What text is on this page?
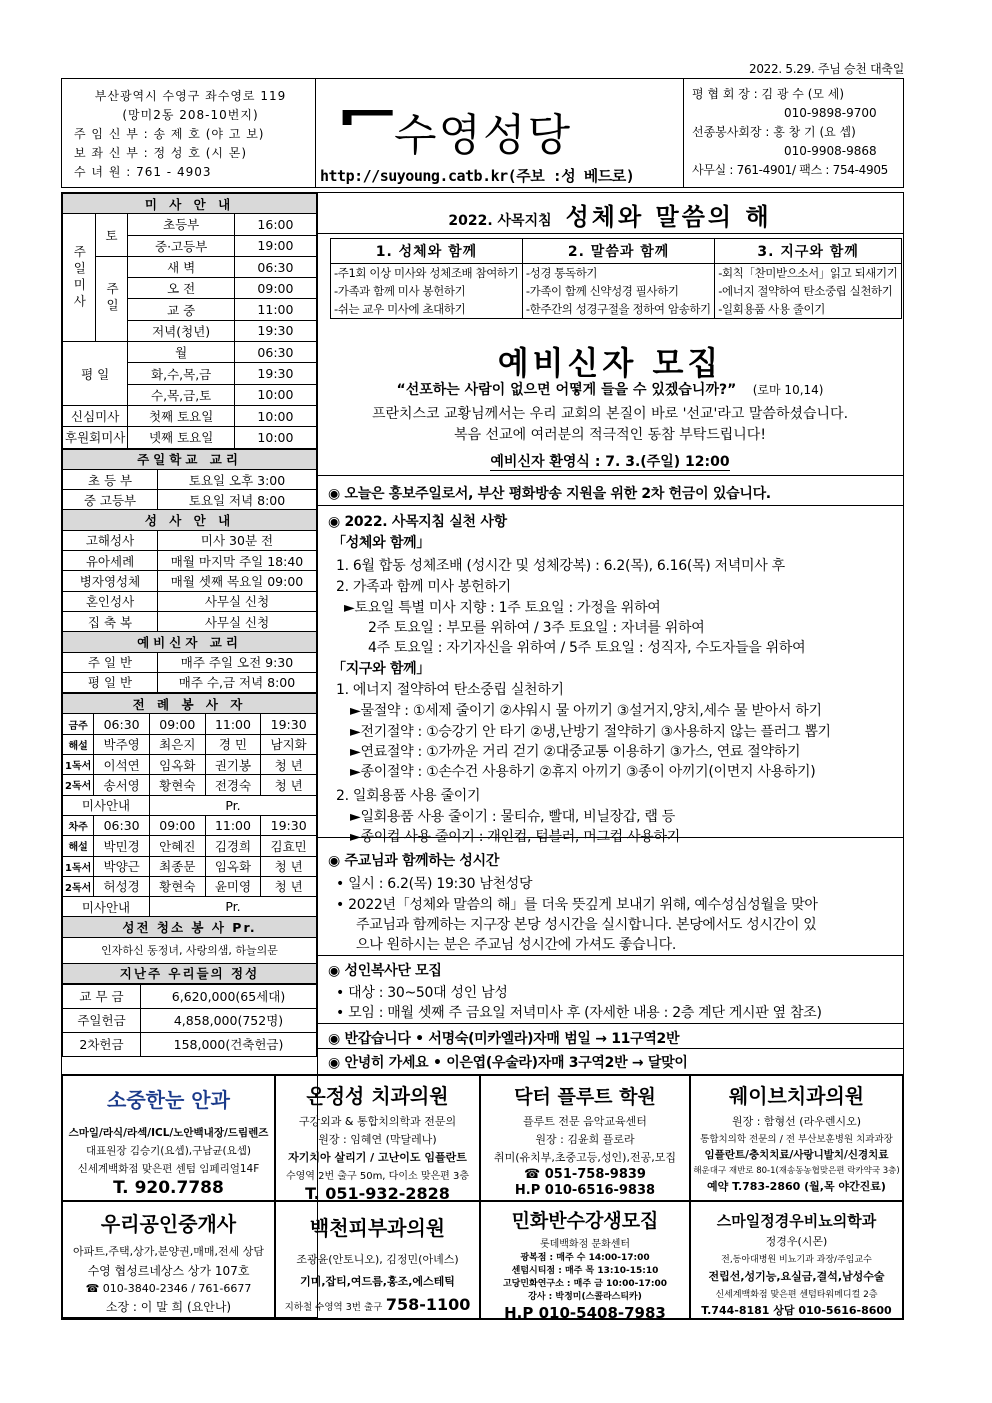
2022. 5.29. 주님 승천 대축일
부산광역시 수영구 좌수영로 119
(망미2동 208-10번지)
주 임 신 부 : 송 제 호 (야 고 보)
보 좌 신 부 : 정 성 호 (시 몬)
수 녀 원 : 761 - 4903
⌐
수영성당
http://suyoung.catb.kr(주보 :성 베드로)
평 협 회 장 : 김 광 수 (모 세)
010-9898-9700
선종봉사회장 : 홍 창 기 (요 셉)
010-9908-9868
사무실 : 761-4901/ 팩스 : 754-4905
미 사 안 내
주일미사	토	
초등부	16:00

중·고등부	19:00

주일	
새 벽	06:30

오 전	09:00

교 중	11:00

저녁(청년)	19:30

평 일	
월	06:30

화,수,목,금	19:30

수,목,금,토	10:00

신심미사	첫째 토요일	10:00

후원회미사	넷째 토요일	10:00
주일학교 교리	
초 등 부	토요일 오후 3:00
중 고등부	토요일 저녁 8:00
성 사 안 내	
고해성사	미사 30분 전
유아세례	매월 마지막 주일 18:40
병자영성체	매월 셋째 목요일 09:00
혼인성사	사무실 신청
집 축 복	사무실 신청
예비신자 교리	
주 일 반	매주 주일 오전 9:30
평 일 반	매주 수,금 저녁 8:00
전 례 봉 사 자				
금주	06:30	09:00	11:00	19:30
해설	박주영	최은지	경 민	남지화
1독서	이석연	임옥화	권기봉	청 년
2독서	송서영	황현숙	전경숙	청 년
미사안내		Pr.		
차주	06:30	09:00	11:00	19:30
해설	박민경	안혜진	김경희	김효민
1독서	박양근	최종문	임옥화	청 년
2독서	허성경	황현숙	윤미영	청 년
미사안내		Pr.		
성전 청소 봉 사 Pr.				
인자하신 동정녀, 사랑의샘, 하늘의문				
지난주 우리들의 정성				
교 무 금	6,620,000(65세대)
주일헌금	4,858,000(752명)
2차헌금	158,000(건축헌금)
2022. 사목지침 성체와 말씀의 해
1. 성체와 함께	2. 말씀과 함께	3. 지구와 함께
-주1회 이상 미사와 성체조배 참여하기	-성경 통독하기	-회칙「찬미받으소서」읽고 되새기기
-가족과 함께 미사 봉헌하기	-가족이 함께 신약성경 필사하기	-에너지 절약하여 탄소중립 실천하기
-쉬는 교우 미사에 초대하기	-한주간의 성경구절을 정하여 암송하기	-일회용품 사용 줄이기
예비신자 모집
“선포하는 사람이 없으면 어떻게 들을 수 있겠습니까?” (로마 10,14)
프란치스코 교황님께서는 우리 교회의 본질이 바로 '선교'라고 말씀하셨습니다.
복음 선교에 여러분의 적극적인 동참 부탁드립니다!
예비신자 환영식 : 7. 3.(주일) 12:00
◉ 오늘은 홍보주일로서, 부산 평화방송 지원을 위한 2차 헌금이 있습니다.
◉ 2022. 사목지침 실천 사항
「성체와 함께」
1. 6월 합동 성체조배 (성시간 및 성체강복) : 6.2(목), 6.16(목) 저녁미사 후
2. 가족과 함께 미사 봉헌하기
►토요일 특별 미사 지향 : 1주 토요일 : 가정을 위하여
2주 토요일 : 부모를 위하여 / 3주 토요일 : 자녀를 위하여
4주 토요일 : 자기자신을 위하여 / 5주 토요일 : 성직자, 수도자들을 위하여
「지구와 함께」
1. 에너지 절약하여 탄소중립 실천하기
►물절약 : ①세제 줄이기 ②샤워시 물 아끼기 ③설거지,양치,세수 물 받아서 하기
►전기절약 : ①승강기 안 타기 ②냉,난방기 절약하기 ③사용하지 않는 플러그 뽑기
►연료절약 : ①가까운 거리 걷기 ②대중교통 이용하기 ③가스, 연료 절약하기
►종이절약 : ①손수건 사용하기 ②휴지 아끼기 ③종이 아끼기(이면지 사용하기)
2. 일회용품 사용 줄이기
►일회용품 사용 줄이기 : 물티슈, 빨대, 비닐장갑, 랩 등
►종이컵 사용 줄이기 : 개인컵, 텀블러, 머그컵 사용하기
◉ 주교님과 함께하는 성시간
• 일시 : 6.2(목) 19:30 남천성당
• 2022년「성체와 말씀의 해」를 더욱 뜻깊게 보내기 위해, 예수성심성월을 맞아
주교님과 함께하는 지구장 본당 성시간을 실시합니다. 본당에서도 성시간이 있
으나 원하시는 분은 주교님 성시간에 가셔도 좋습니다.
◉ 성인복사단 모집
• 대상 : 30~50대 성인 남성
• 모임 : 매월 셋째 주 금요일 저녁미사 후 (자세한 내용 : 2층 계단 게시판 옆 참조)
◉ 반갑습니다 • 서명숙(미카엘라)자매 범일 → 11구역2반
◉ 안녕히 가세요 • 이은엽(우술라)자매 3구역2반 → 달맞이
소중한눈 안과
스마일/라식/라섹/ICL/노안백내장/드림렌즈
대표원장 김승기(요셉),구남균(요셉)
신세계백화점 맞은편 센텀 임페리얼14F
T. 920.7788
온정성 치과의원
구강외과 & 통합치의학과 전문의
원장 : 임혜연 (막달레나)
자기치아 살리기 / 고난이도 임플란트
수영역 2번 출구 50m, 다이소 맞은편 3층
T. 051-932-2828
닥터 플루트 학원
플루트 전문 음악교육센터
원장 : 김윤희 플로라
취미(유치부,초중고등,성인),전공,모집
☎ 051-758-9839
H.P 010-6516-9838
웨이브치과의원
원장 : 함형선 (라우렌시오)
통합치의학 전문의 / 전 부산보훈병원 치과과장
임플란트/충치치료/사랑니발치/신경치료
해운대구 재반로 80-1(재송동농협맞은편 락카약국 3층)
예약 T.783-2860 (월,목 야간진료)
우리공인중개사
아파트,주택,상가,분양권,매매,전세 상담
수영 협성르네상스 상가 107호
☎ 010-3840-2346 / 761-6677
소장 : 이 말 희 (요안나)
백천피부과의원
조광윤(안토니오), 김정민(아녜스)
기미,잡티,여드름,홍조,에스테틱
지하철 수영역 3번 출구 758-1100
민화반수강생모집
롯데백화점 문화센터
광복점 : 매주 수 14:00-17:00
센텀시티점 : 매주 목 13:10-15:10
고당민화연구소 : 매주 금 10:00-17:00
강사 : 박정미(스콜라스티카)
H.P 010-5408-7983
스마일정경우비뇨의학과
정경우(시몬)
전,동아대병원 비뇨기과 과장/주임교수
전립선,성기능,요실금,결석,남성수술
신세계백화점 맞은편 센텀타워메디컬 2층
T.744-8181 상담 010-5616-8600
